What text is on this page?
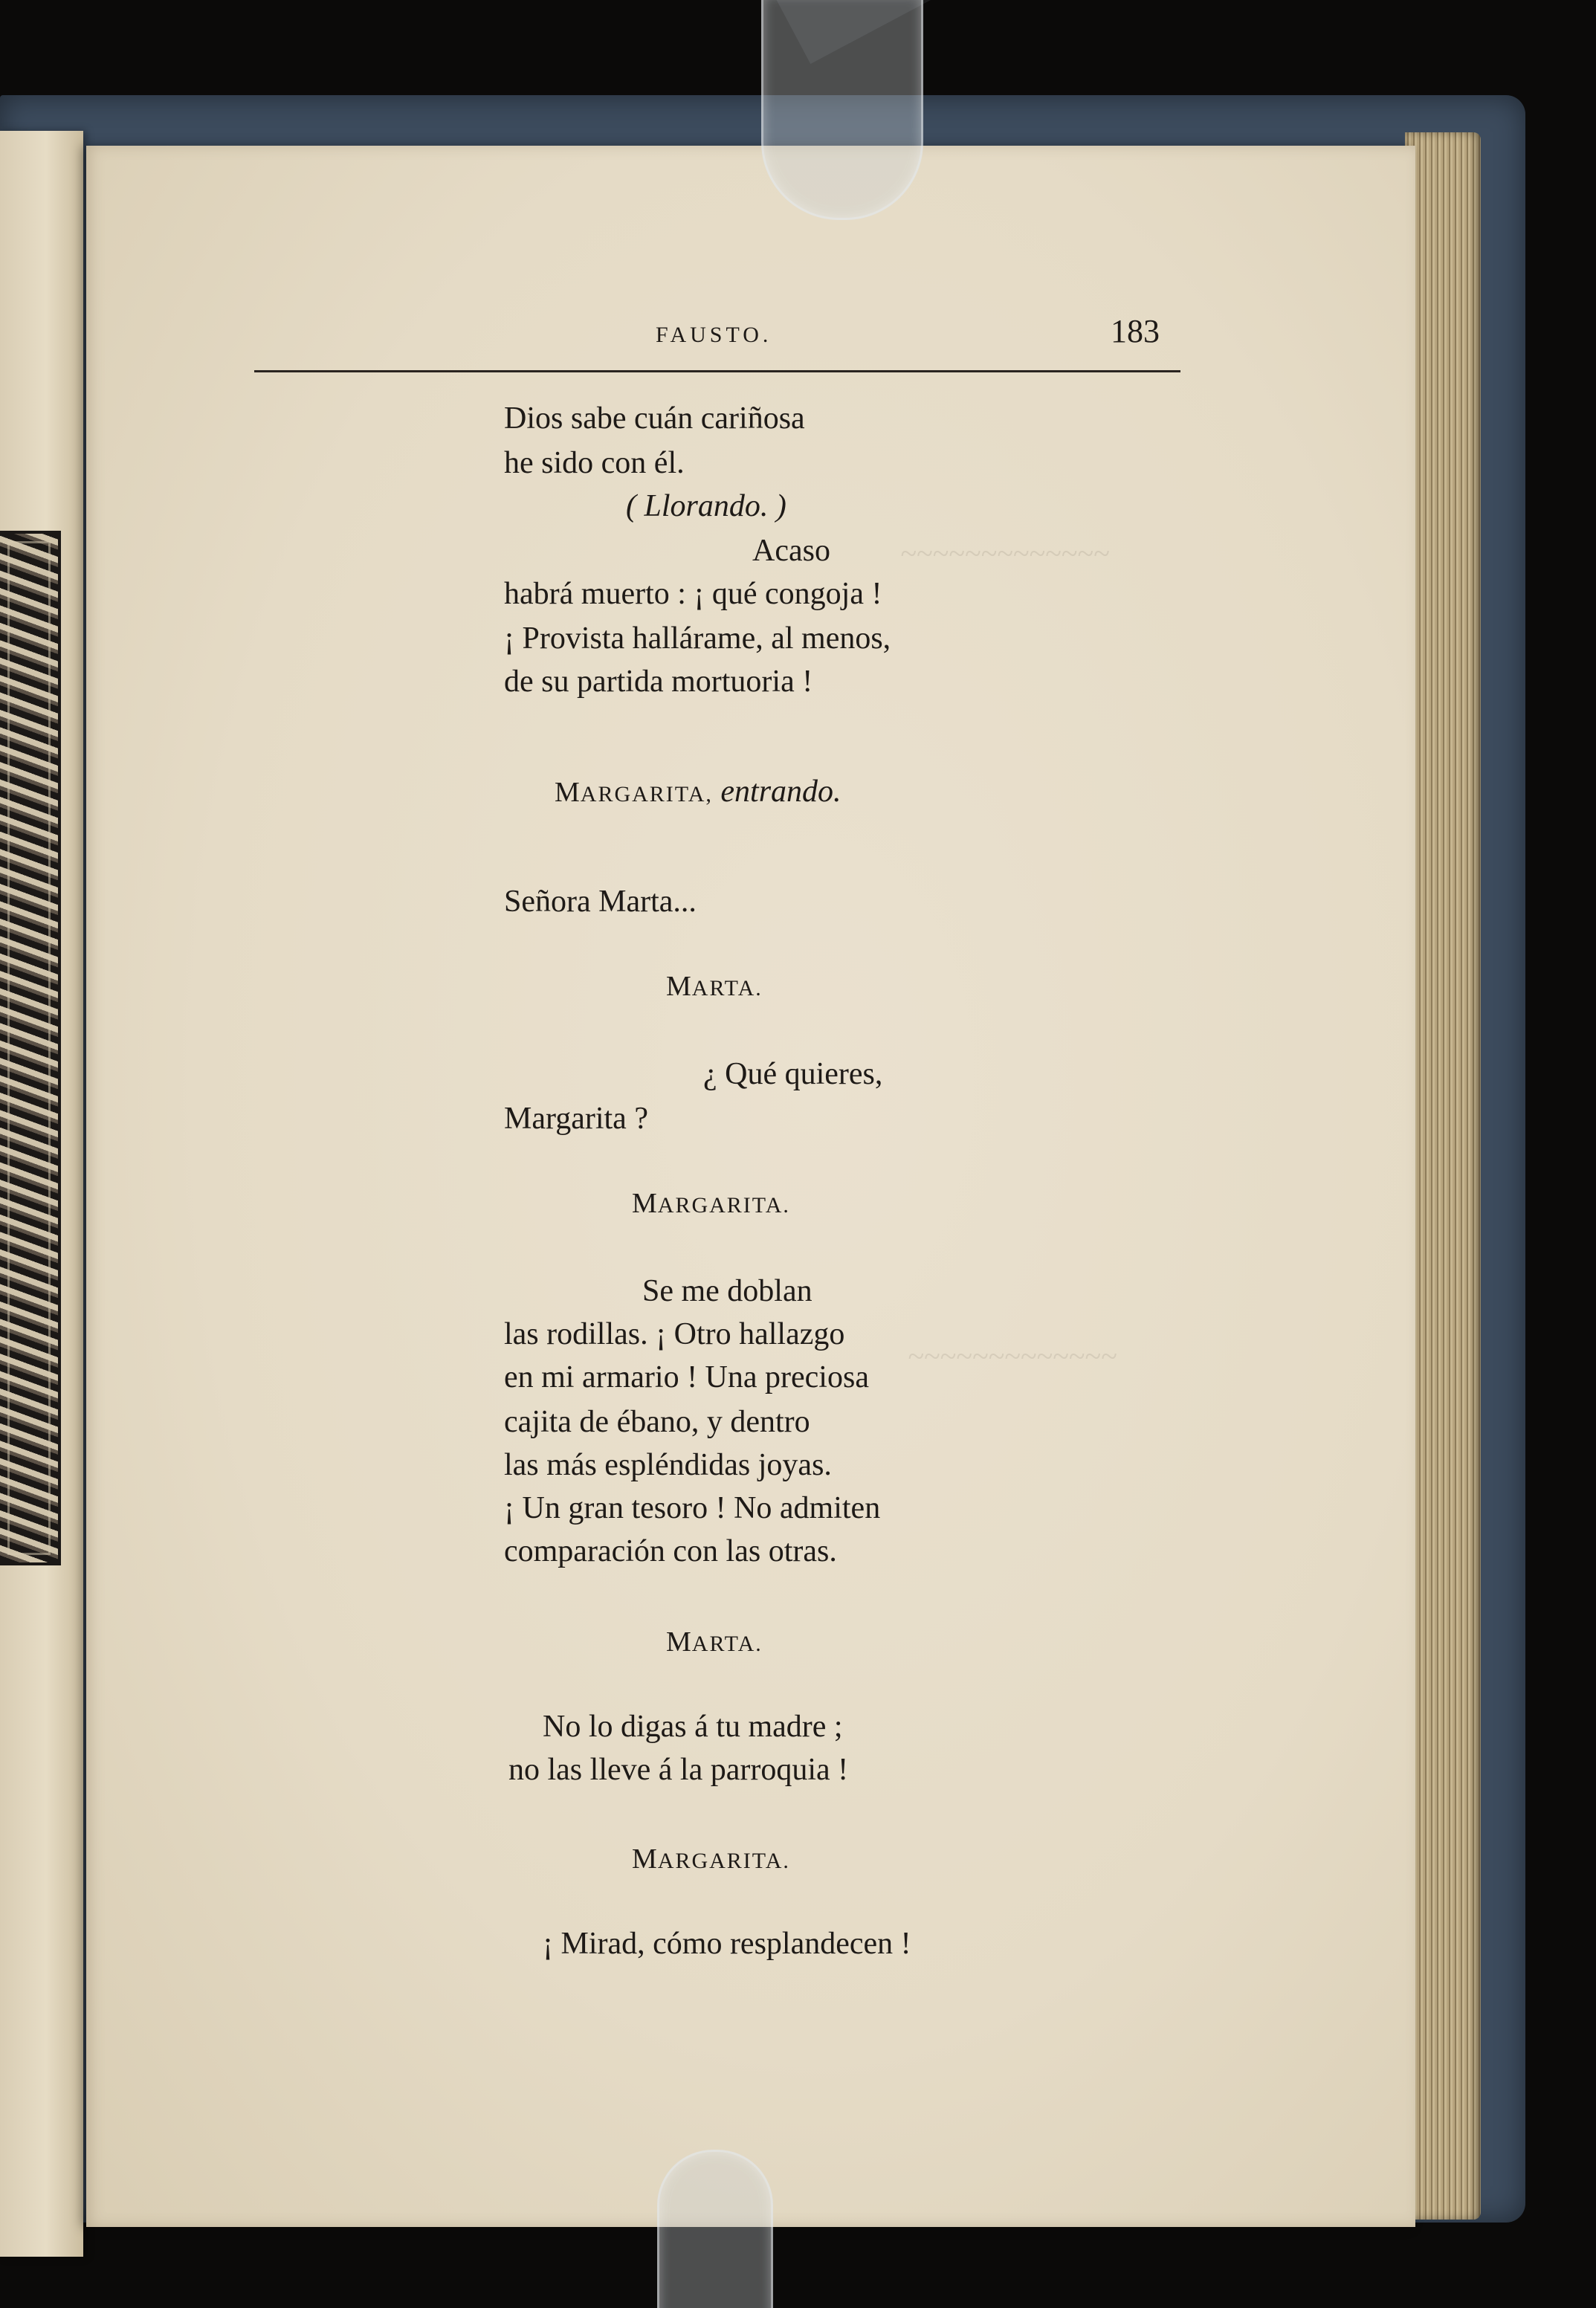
~~~~~~~~~~~~~
~~~~~~~~~~~~~
FAUSTO.	183
Dios sabe cuán cariñosa
he sido con él.
( Llorando. )
Acaso
habrá muerto : ¡ qué congoja !
¡ Provista hallárame, al menos,
de su partida mortuoria !
MARGARITA, entrando.
Señora Marta...
MARTA.
¿ Qué quieres,
Margarita ?
MARGARITA.
Se me doblan
las rodillas. ¡ Otro hallazgo
en mi armario ! Una preciosa
cajita de ébano, y dentro
las más espléndidas joyas.
¡ Un gran tesoro ! No admiten
comparación con las otras.
MARTA.
No lo digas á tu madre ;
no las lleve á la parroquia !
MARGARITA.
¡ Mirad, cómo resplandecen !
